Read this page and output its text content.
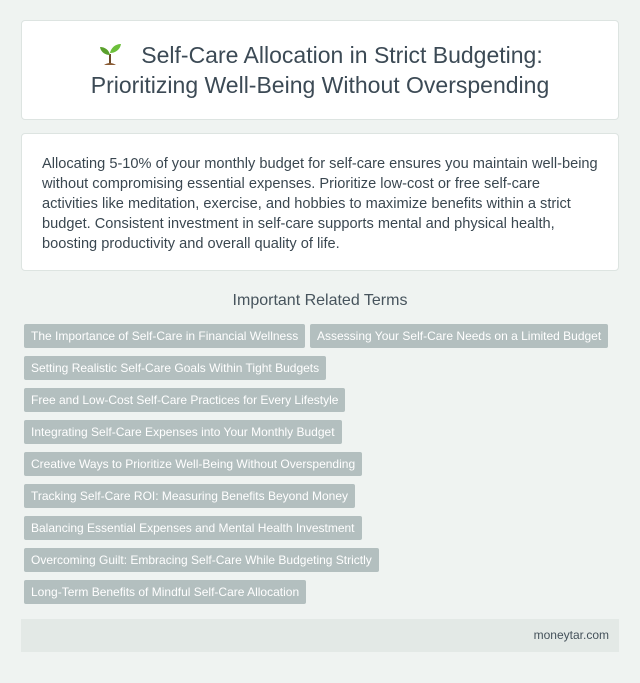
Self-Care Allocation in Strict Budgeting:
Prioritizing Well-Being Without Overspending

Allocating 5-10% of your monthly budget for self-care ensures you maintain well-being without compromising essential expenses. Prioritize low-cost or free self-care activities like meditation, exercise, and hobbies to maximize benefits within a strict budget. Consistent investment in self-care supports mental and physical health, boosting productivity and overall quality of life.

Important Related Terms
The Importance of Self-Care in Financial Wellness	Assessing Your Self-Care Needs on a Limited Budget
Setting Realistic Self-Care Goals Within Tight Budgets
Free and Low-Cost Self-Care Practices for Every Lifestyle
Integrating Self-Care Expenses into Your Monthly Budget
Creative Ways to Prioritize Well-Being Without Overspending
Tracking Self-Care ROI: Measuring Benefits Beyond Money
Balancing Essential Expenses and Mental Health Investment
Overcoming Guilt: Embracing Self-Care While Budgeting Strictly
Long-Term Benefits of Mindful Self-Care Allocation
moneytar.com
